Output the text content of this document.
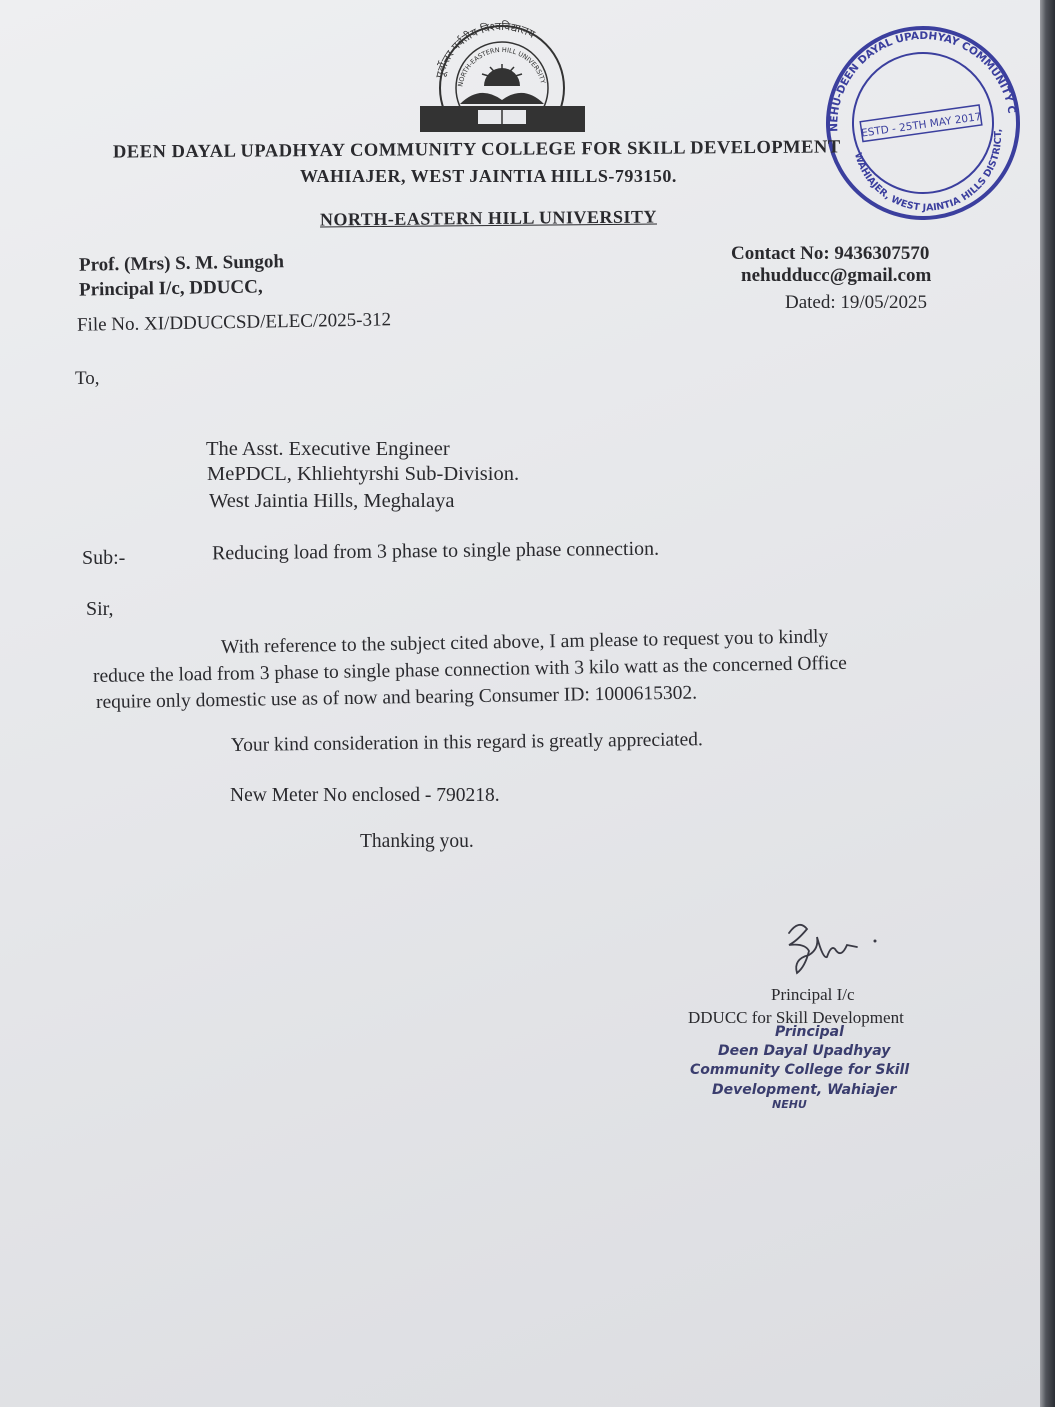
पूर्वोत्तर पर्वतीय विश्वविद्यालय
NORTH-EASTERN HILL UNIVERSITY
NEHU-DEEN DAYAL UPADHYAY COMMUNITY COLLEGE
WAHIAJER, WEST JAINTIA HILLS DISTRICT,
ESTD - 25TH MAY 2017
DEEN DAYAL UPADHYAY COMMUNITY COLLEGE FOR SKILL DEVELOPMENT
WAHIAJER, WEST JAINTIA HILLS-793150.
NORTH-EASTERN HILL UNIVERSITY
Prof. (Mrs) S. M. Sungoh
Principal I/c, DDUCC,
File No. XI/DDUCCSD/ELEC/2025-312
Contact No: 9436307570
nehudducc@gmail.com
Dated: 19/05/2025
To,
The Asst. Executive Engineer
MePDCL, Khliehtyrshi Sub-Division.
West Jaintia Hills, Meghalaya
Sub:-	Reducing load from 3 phase to single phase connection.
Sir,
With reference to the subject cited above, I am please to request you to kindly
reduce the load from 3 phase to single phase connection with 3 kilo watt as the concerned Office
require only domestic use as of now and bearing Consumer ID: 1000615302.
Your kind consideration in this regard is greatly appreciated.
New Meter No enclosed - 790218.
Thanking you.
Principal I/c
DDUCC for Skill Development
Principal
Deen Dayal Upadhyay
Community College for Skill
Development, Wahiajer
NEHU
